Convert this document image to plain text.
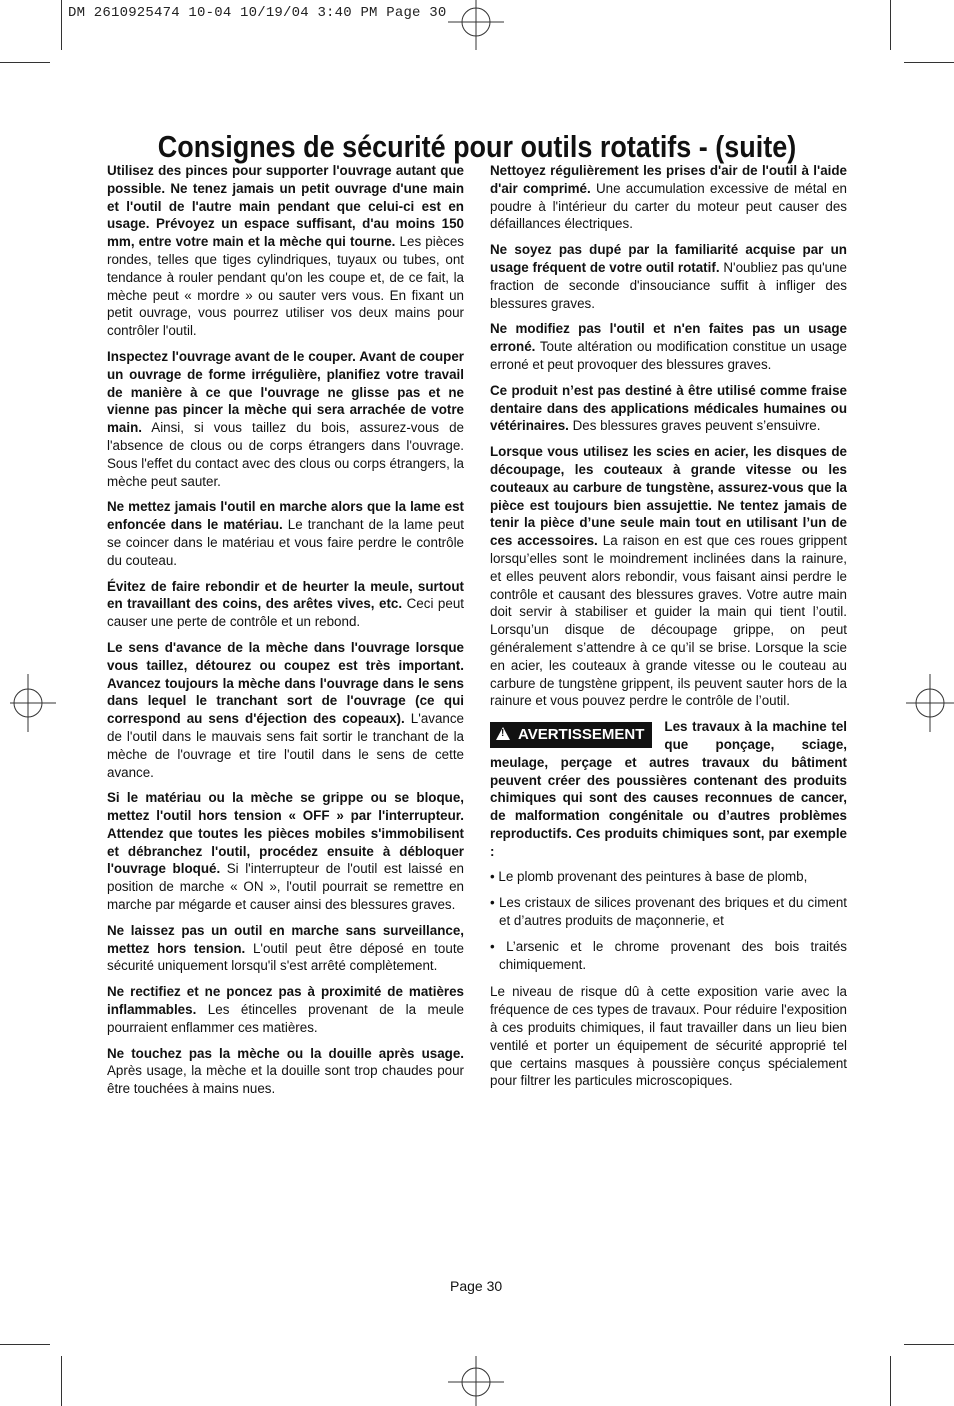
DM 2610925474 10-04 10/19/04 3:40 PM Page 30
Consignes de sécurité pour outils rotatifs - (suite)

Utilisez des pinces pour supporter l'ouvrage autant que possible. Ne tenez jamais un petit ouvrage d'une main et l'outil de l'autre main pendant que celui-ci est en usage. Prévoyez un espace suffisant, d'au moins 150 mm, entre votre main et la mèche qui tourne. Les pièces rondes, telles que tiges cylindriques, tuyaux ou tubes, ont tendance à rouler pendant qu'on les coupe et, de ce fait, la mèche peut « mordre » ou sauter vers vous. En fixant un petit ouvrage, vous pourrez utiliser vos deux mains pour contrôler l'outil.

Inspectez l'ouvrage avant de le couper. Avant de couper un ouvrage de forme irrégulière, planifiez votre travail de manière à ce que l'ouvrage ne glisse pas et ne vienne pas pincer la mèche qui sera arrachée de votre main. Ainsi, si vous taillez du bois, assurez-vous de l'absence de clous ou de corps étrangers dans l'ouvrage. Sous l'effet du contact avec des clous ou corps étrangers, la mèche peut sauter.

Ne mettez jamais l'outil en marche alors que la lame est enfoncée dans le matériau. Le tranchant de la lame peut se coincer dans le matériau et vous faire perdre le contrôle du couteau.

Évitez de faire rebondir et de heurter la meule, surtout en travaillant des coins, des arêtes vives, etc. Ceci peut causer une perte de contrôle et un rebond.

Le sens d'avance de la mèche dans l'ouvrage lorsque vous taillez, détourez ou coupez est très important. Avancez toujours la mèche dans l'ouvrage dans le sens dans lequel le tranchant sort de l'ouvrage (ce qui correspond au sens d'éjection des copeaux). L'avance de l'outil dans le mauvais sens fait sortir le tranchant de la mèche de l'ouvrage et tire l'outil dans le sens de cette avance.

Si le matériau ou la mèche se grippe ou se bloque, mettez l'outil hors tension « OFF » par l'interrupteur. Attendez que toutes les pièces mobiles s'immobilisent et débranchez l'outil, procédez ensuite à débloquer l'ouvrage bloqué. Si l'interrupteur de l'outil est laissé en position de marche « ON », l'outil pourrait se remettre en marche par mégarde et causer ainsi des blessures graves.

Ne laissez pas un outil en marche sans surveillance, mettez hors tension. L'outil peut être déposé en toute sécurité uniquement lorsqu'il s'est arrêté complètement.

Ne rectifiez et ne poncez pas à proximité de matières inflammables. Les étincelles provenant de la meule pourraient enflammer ces matières.

Ne touchez pas la mèche ou la douille après usage. Après usage, la mèche et la douille sont trop chaudes pour être touchées à mains nues.

Nettoyez régulièrement les prises d'air de l'outil à l'aide d'air comprimé. Une accumulation excessive de métal en poudre à l'intérieur du carter du moteur peut causer des défaillances électriques.

Ne soyez pas dupé par la familiarité acquise par un usage fréquent de votre outil rotatif. N'oubliez pas qu'une fraction de seconde d'insouciance suffit à infliger des blessures graves.

Ne modifiez pas l'outil et n'en faites pas un usage erroné. Toute altération ou modification constitue un usage erroné et peut provoquer des blessures graves.

Ce produit n’est pas destiné à être utilisé comme fraise dentaire dans des applications médicales humaines ou vétérinaires. Des blessures graves peuvent s’ensuivre.

Lorsque vous utilisez les scies en acier, les disques de découpage, les couteaux à grande vitesse ou les couteaux au carbure de tungstène, assurez-vous que la pièce est toujours bien assujettie. Ne tentez jamais de tenir la pièce d’une seule main tout en utilisant l’un de ces accessoires. La raison en est que ces roues grippent lorsqu’elles sont le moindrement inclinées dans la rainure, et elles peuvent alors rebondir, vous faisant ainsi perdre le contrôle et causant des blessures graves. Votre autre main doit servir à stabiliser et guider la main qui tient l’outil. Lorsqu’un disque de découpage grippe, on peut généralement s’attendre à ce qu’il se brise. Lorsque la scie en acier, les couteaux à grande vitesse ou le couteau au carbure de tungstène grippent, ils peuvent sauter hors de la rainure et vous pouvez perdre le contrôle de l’outil.

!AVERTISSEMENT	Les travaux à la machine tel que ponçage, sciage, meulage, perçage et autres travaux du bâtiment peuvent créer des poussières contenant des produits chimiques qui sont des causes reconnues de cancer, de malformation congénitale ou d’autres problèmes reproductifs. Ces produits chimiques sont, par exemple :

• Le plomb provenant des peintures à base de plomb,
• Les cristaux de silices provenant des briques et du ciment et d’autres produits de maçonnerie, et
• L’arsenic et le chrome provenant des bois traités chimiquement.

Le niveau de risque dû à cette exposition varie avec la fréquence de ces types de travaux. Pour réduire l'exposition à ces produits chimiques, il faut travailler dans un lieu bien ventilé et porter un équipement de sécurité approprié tel que certains masques à poussière conçus spécialement pour filtrer les particules microscopiques.

Page 30
